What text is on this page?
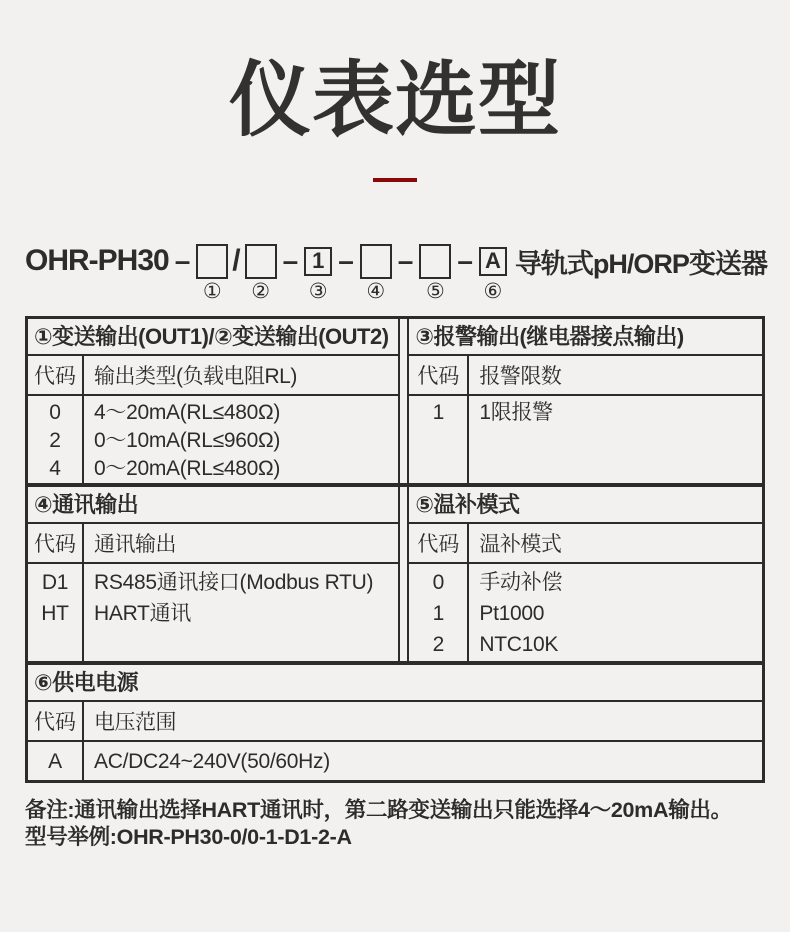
仪表选型
OHR-PH30 –
①
/
②
– 1
③
–
④
–
⑤
– A
⑥
导轨式pH/ORP变送器
①变送输出(OUT1)/②变送输出(OUT2)
代码 输出类型(负载电阻RL)
0
2
4
4～20mA(RL≤480Ω)
0～10mA(RL≤960Ω)
0～20mA(RL≤480Ω)
③报警输出(继电器接点输出)
代码 报警限数
1 1限报警
④通讯输出
代码 通讯输出
D1
HT
RS485通讯接口(Modbus RTU)
HART通讯
⑤温补模式
代码 温补模式
0
1
2
手动补偿
Pt1000
NTC10K
⑥供电电源
代码 电压范围
A AC/DC24~240V(50/60Hz)

备注:通讯输出选择HART通讯时，第二路变送输出只能选择4～20mA输出。

型号举例:OHR-PH30-0/0-1-D1-2-A
